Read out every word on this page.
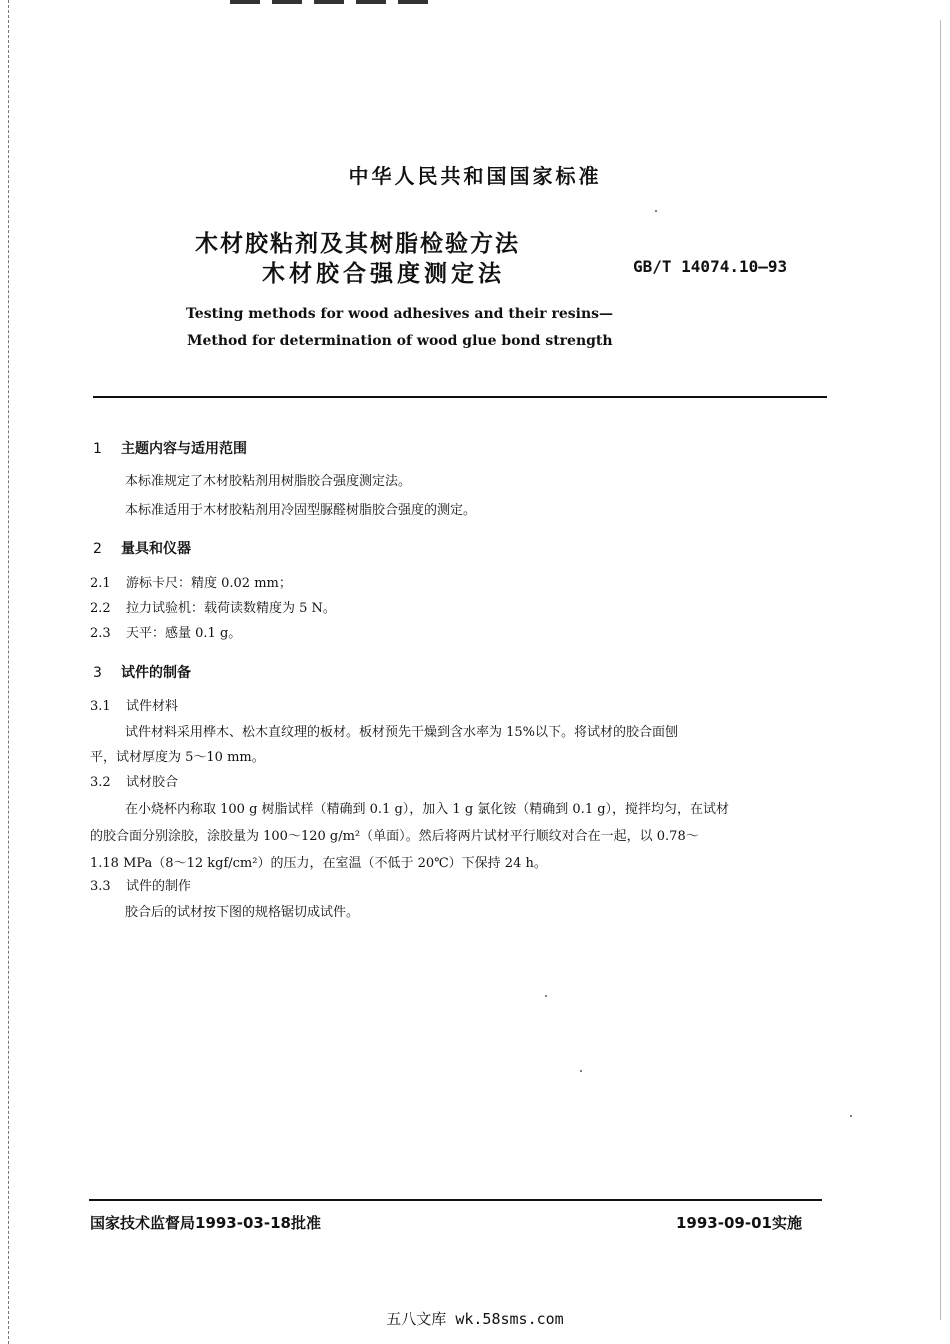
中华人民共和国国家标准
木材胶粘剂及其树脂检验方法
木材胶合强度测定法	GB/T 14074.10—93
Testing methods for wood adhesives and their resins—
Method for determination of wood glue bond strength
1 主题内容与适用范围
本标准规定了木材胶粘剂用树脂胶合强度测定法。
本标准适用于木材胶粘剂用冷固型脲醛树脂胶合强度的测定。
2 量具和仪器
2.1 游标卡尺：精度 0.02 mm；
2.2 拉力试验机：载荷读数精度为 5 N。
2.3 天平：感量 0.1 g。
3 试件的制备
3.1 试件材料
试件材料采用桦木、松木直纹理的板材。板材预先干燥到含水率为 15%以下。将试材的胶合面刨
平，试材厚度为 5～10 mm。
3.2 试材胶合
在小烧杯内称取 100 g 树脂试样（精确到 0.1 g），加入 1 g 氯化铵（精确到 0.1 g），搅拌均匀，在试材
的胶合面分别涂胶，涂胶量为 100～120 g/m²（单面）。然后将两片试材平行顺纹对合在一起，以 0.78～
1.18 MPa（8～12 kgf/cm²）的压力，在室温（不低于 20℃）下保持 24 h。
3.3 试件的制作
胶合后的试材按下图的规格锯切成试件。
国家技术监督局1993-03-18批准	1993-09-01实施
五八文库 wk.58sms.com
